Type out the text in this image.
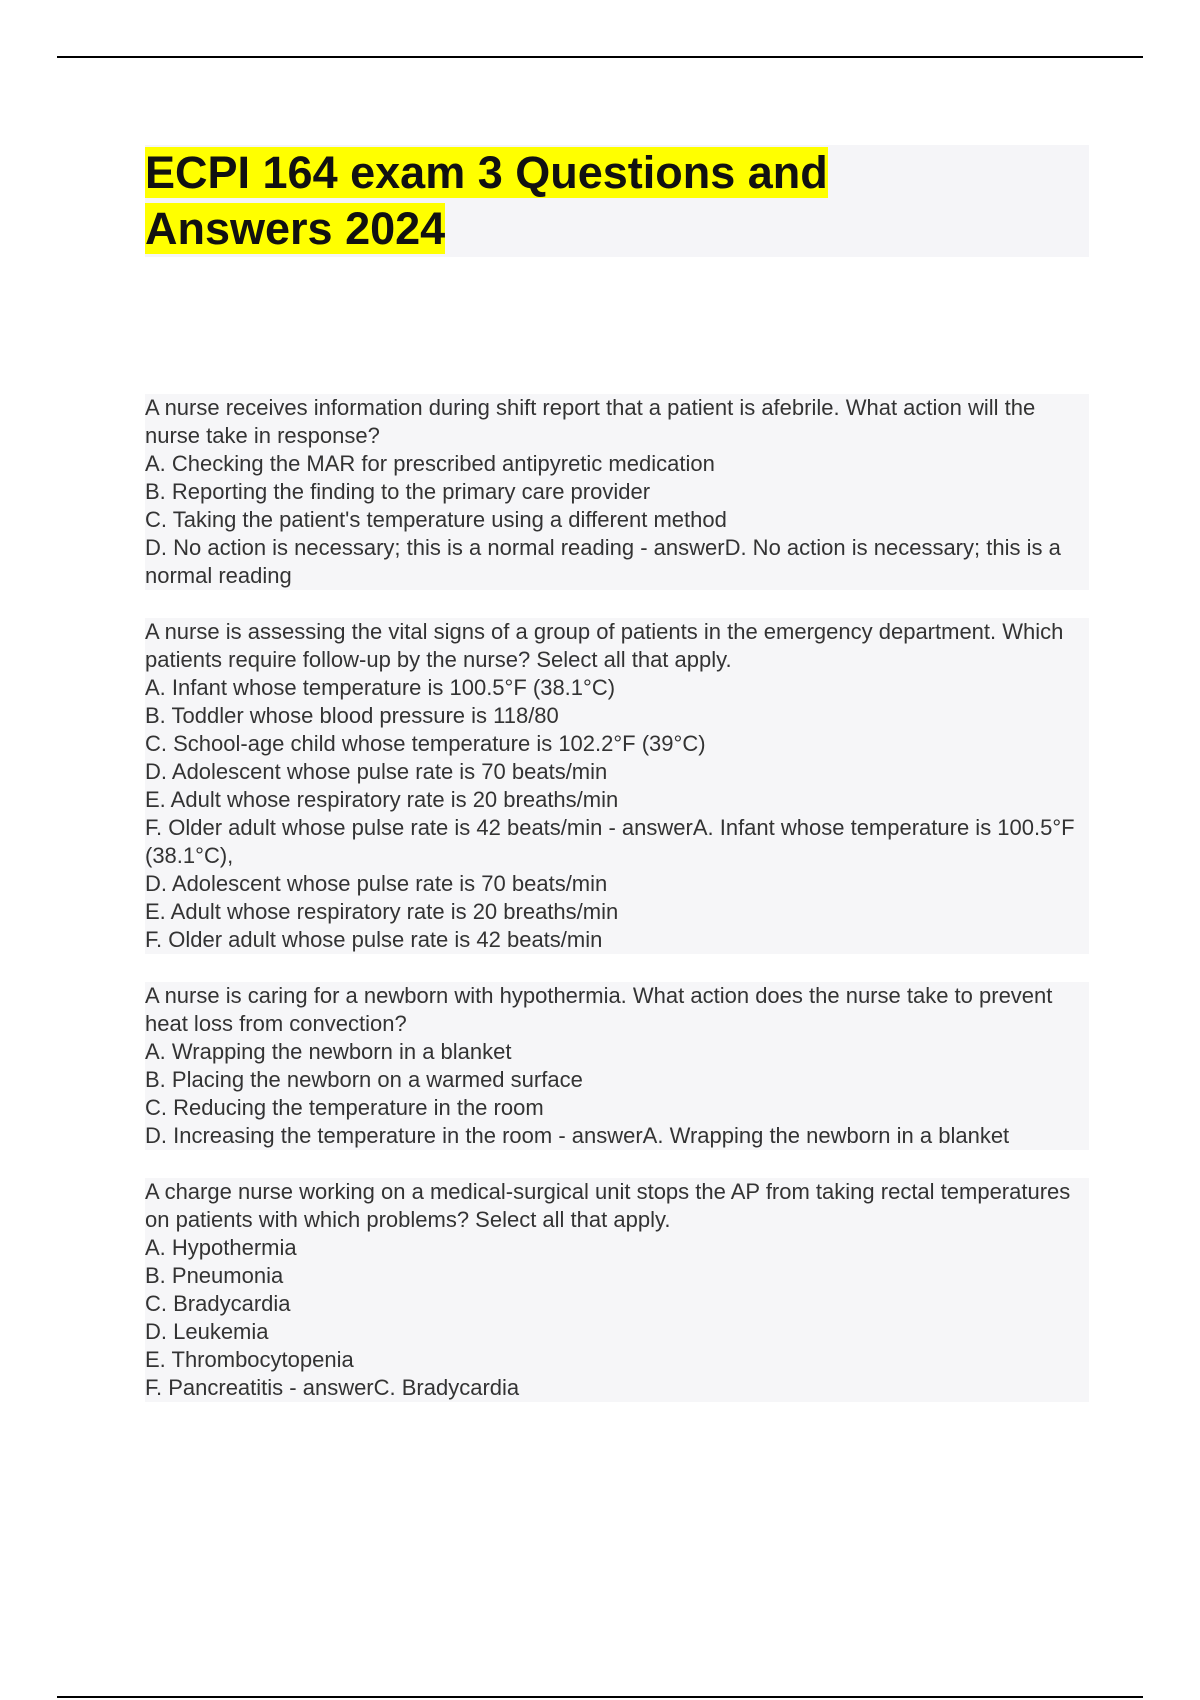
ECPI 164 exam 3 Questions and
Answers 2024
A nurse receives information during shift report that a patient is afebrile. What action will the nurse take in response?
A. Checking the MAR for prescribed antipyretic medication
B. Reporting the finding to the primary care provider
C. Taking the patient's temperature using a different method
D. No action is necessary; this is a normal reading - answerD. No action is necessary; this is a normal reading
A nurse is assessing the vital signs of a group of patients in the emergency department. Which patients require follow-up by the nurse? Select all that apply.
A. Infant whose temperature is 100.5°F (38.1°C)
B. Toddler whose blood pressure is 118/80
C. School-age child whose temperature is 102.2°F (39°C)
D. Adolescent whose pulse rate is 70 beats/min
E. Adult whose respiratory rate is 20 breaths/min
F. Older adult whose pulse rate is 42 beats/min - answerA. Infant whose temperature is 100.5°F (38.1°C),
D. Adolescent whose pulse rate is 70 beats/min
E. Adult whose respiratory rate is 20 breaths/min
F. Older adult whose pulse rate is 42 beats/min
A nurse is caring for a newborn with hypothermia. What action does the nurse take to prevent heat loss from convection?
A. Wrapping the newborn in a blanket
B. Placing the newborn on a warmed surface
C. Reducing the temperature in the room
D. Increasing the temperature in the room - answerA. Wrapping the newborn in a blanket
A charge nurse working on a medical-surgical unit stops the AP from taking rectal temperatures on patients with which problems? Select all that apply.
A. Hypothermia
B. Pneumonia
C. Bradycardia
D. Leukemia
E. Thrombocytopenia
F. Pancreatitis - answerC. Bradycardia
